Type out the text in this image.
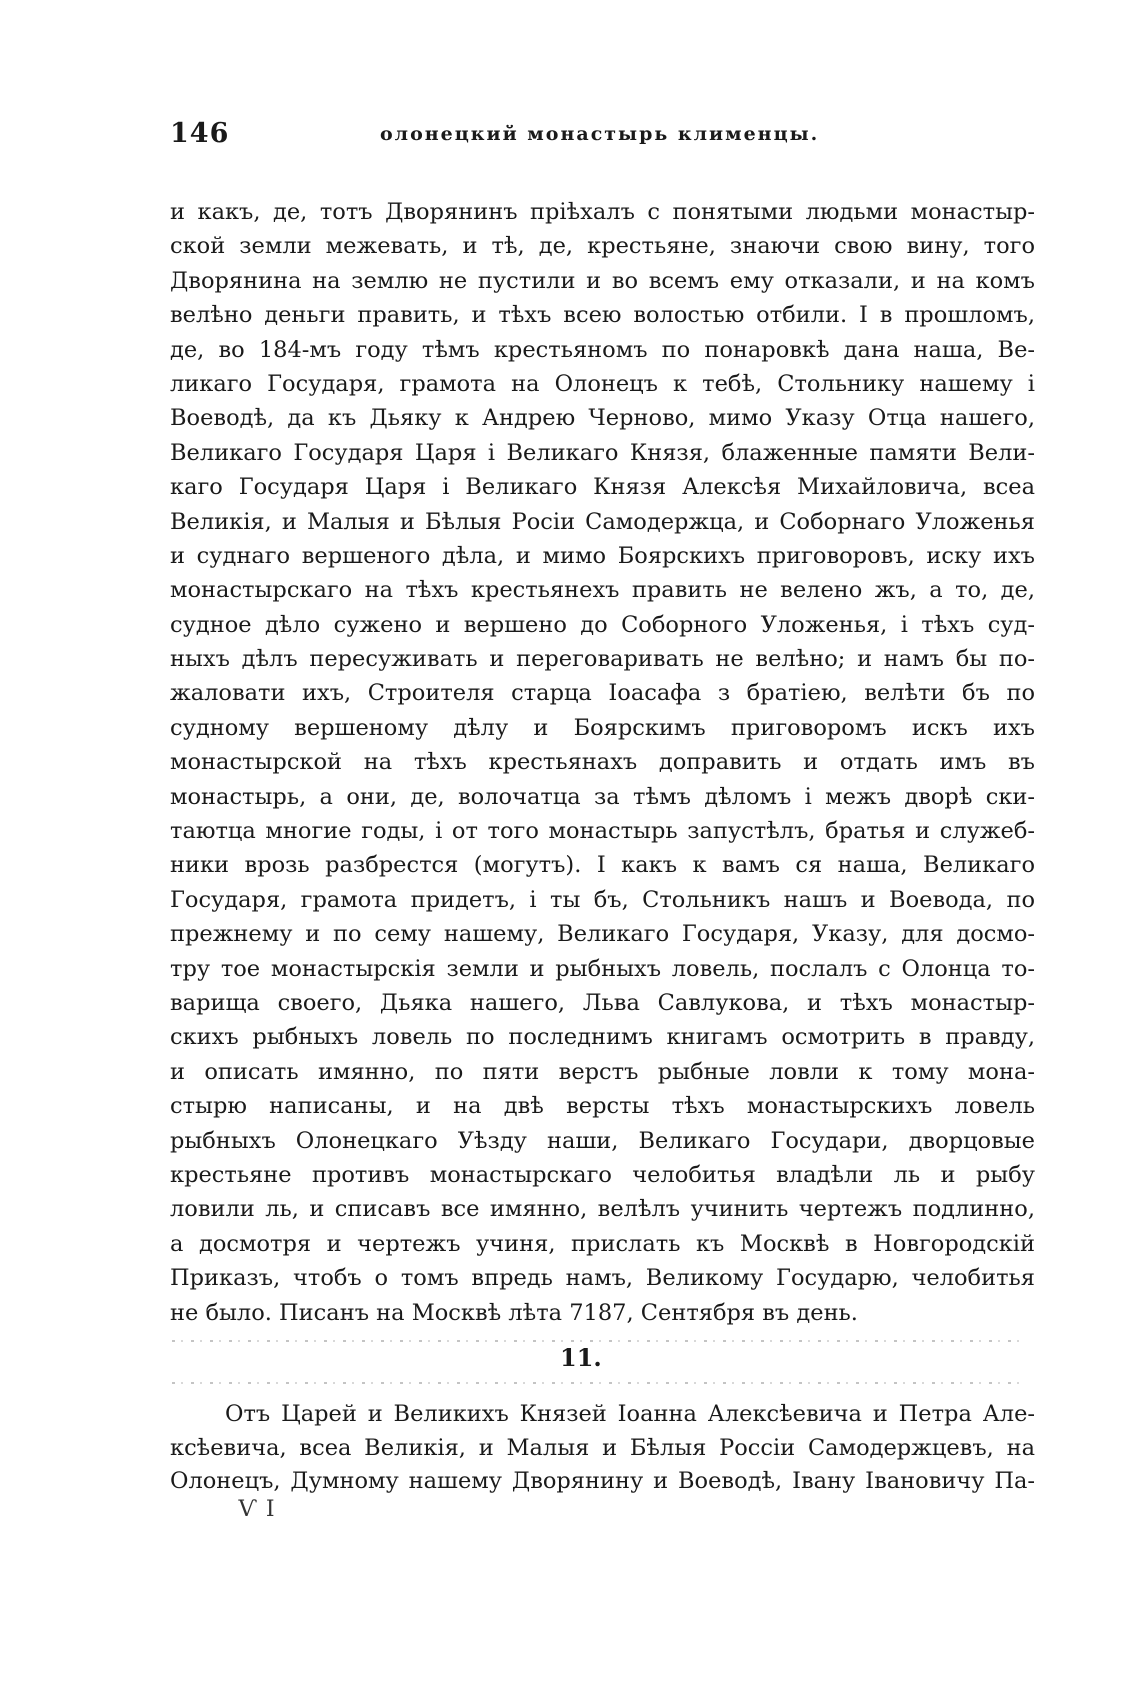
146	олонецкий монастырь клименцы.
и какъ, де, тотъ Дворянинъ пріѣхалъ с понятыми людьми монастыр-
ской земли межевать, и тѣ, де, крестьяне, знаючи свою вину, того
Дворянина на землю не пустили и во всемъ ему отказали, и на комъ
велѣно деньги править, и тѣхъ всею волостью отбили. І в прошломъ,
де, во 184-мъ году тѣмъ крестьяномъ по понаровкѣ дана наша, Ве-
ликаго Государя, грамота на Олонецъ к тебѣ, Стольнику нашему і
Воеводѣ, да къ Дьяку к Андрею Черново, мимо Указу Отца нашего,
Великаго Государя Царя і Великаго Князя, блаженные памяти Вели-
каго Государя Царя і Великаго Князя Алексѣя Михайловича, всеа
Великія, и Малыя и Бѣлыя Росіи Самодержца, и Соборнаго Уложенья
и суднаго вершеного дѣла, и мимо Боярскихъ приговоровъ, иску ихъ
монастырскаго на тѣхъ крестьянехъ править не велено жъ, а то, де,
судное дѣло сужено и вершено до Соборного Уложенья, і тѣхъ суд-
ныхъ дѣлъ пересуживать и переговаривать не велѣно; и намъ бы по-
жаловати ихъ, Строителя старца Іоасафа з братіею, велѣти бъ по
судному вершеному дѣлу и Боярскимъ приговоромъ искъ ихъ
монастырской на тѣхъ крестьянахъ доправить и отдать имъ въ
монастырь, а они, де, волочатца за тѣмъ дѣломъ і межъ дворѣ ски-
таютца многие годы, і от того монастырь запустѣлъ, братья и служеб-
ники врозь разбрестся (могутъ). І какъ к вамъ ся наша, Великаго
Государя, грамота придетъ, і ты бъ, Стольникъ нашъ и Воевода, по
прежнему и по сему нашему, Великаго Государя, Указу, для досмо-
тру тое монастырскія земли и рыбныхъ ловель, послалъ с Олонца то-
варища своего, Дьяка нашего, Льва Савлукова, и тѣхъ монастыр-
скихъ рыбныхъ ловель по последнимъ книгамъ осмотрить в правду,
и описать имянно, по пяти верстъ рыбные ловли к тому мона-
стырю написаны, и на двѣ версты тѣхъ монастырскихъ ловель
рыбныхъ Олонецкаго Уѣзду наши, Великаго Государи, дворцовые
крестьяне противъ монастырскаго челобитья владѣли ль и рыбу
ловили ль, и списавъ все имянно, велѣлъ учинить чертежъ подлинно,
а досмотря и чертежъ учиня, прислать къ Москвѣ в Новгородскій
Приказъ, чтобъ о томъ впредь намъ, Великому Государю, челобитья
не было. Писанъ на Москвѣ лѣта 7187, Сентября въ день.
11.
Отъ Царей и Великихъ Князей Іоанна Алексѣевича и Петра Але-
ксѣевича, всеа Великія, и Малыя и Бѣлыя Россіи Самодержцевъ, на
Олонецъ, Думному нашему Дворянину и Воеводѣ, Івану Івановичу Па-
Ѵ I
